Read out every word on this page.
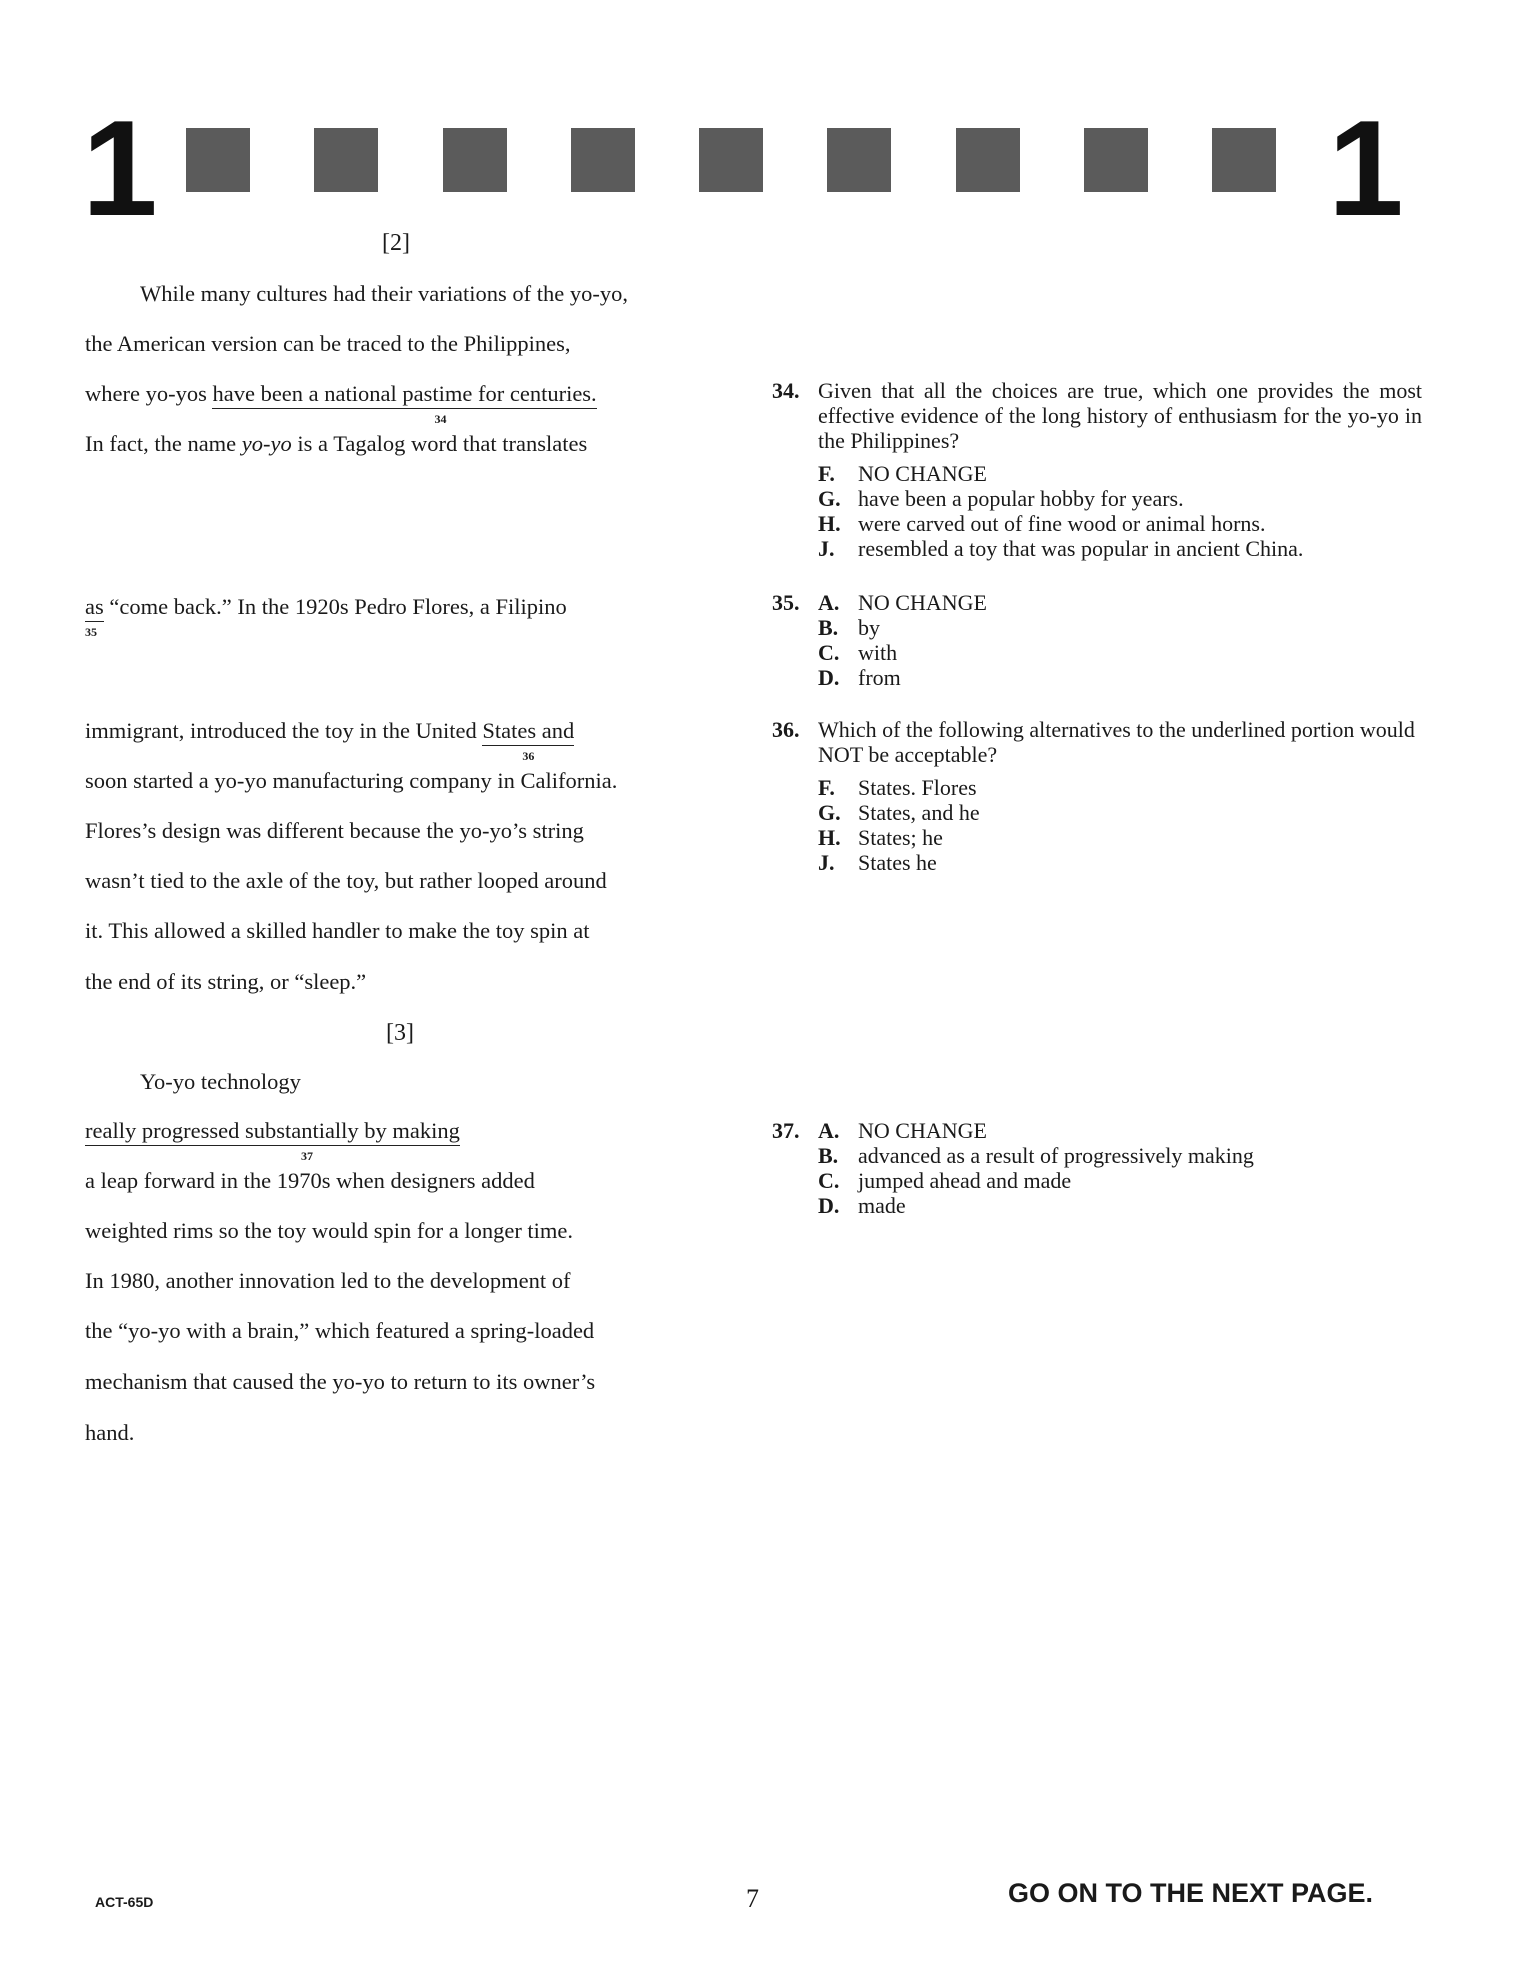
1	1
[2]
While many cultures had their variations of the yo-yo,
the American version can be traced to the Philippines,
where yo-yos have been a national pastime for centuries.
34
In fact, the name yo-yo is a Tagalog word that translates
as
35
“come back.” In the 1920s Pedro Flores, a Filipino
immigrant, introduced the toy in the United States and
36
soon started a yo-yo manufacturing company in California.
Flores’s design was different because the yo-yo’s string
wasn’t tied to the axle of the toy, but rather looped around
it. This allowed a skilled handler to make the toy spin at
the end of its string, or “sleep.”
[3]
Yo-yo technology
really progressed substantially by making
37
a leap forward in the 1970s when designers added
weighted rims so the toy would spin for a longer time.
In 1980, another innovation led to the development of
the “yo-yo with a brain,” which featured a spring-loaded
mechanism that caused the yo-yo to return to its owner’s
hand.
34. Given that all the choices are true, which one provides the most effective evidence of the long history of enthusiasm for the yo-yo in the Philippines?
F.	NO CHANGE
G. have been a popular hobby for years.
H. were carved out of fine wood or animal horns.
J.	resembled a toy that was popular in ancient China.
35. A. NO CHANGE
B. by
C. with
D. from
36. Which of the following alternatives to the underlined portion would NOT be acceptable?
F.	States. Flores
G. States, and he
H. States; he
J.	States he
37. A. NO CHANGE
B. advanced as a result of progressively making
C. jumped ahead and made
D. made
ACT-65D	7	GO ON TO THE NEXT PAGE.
